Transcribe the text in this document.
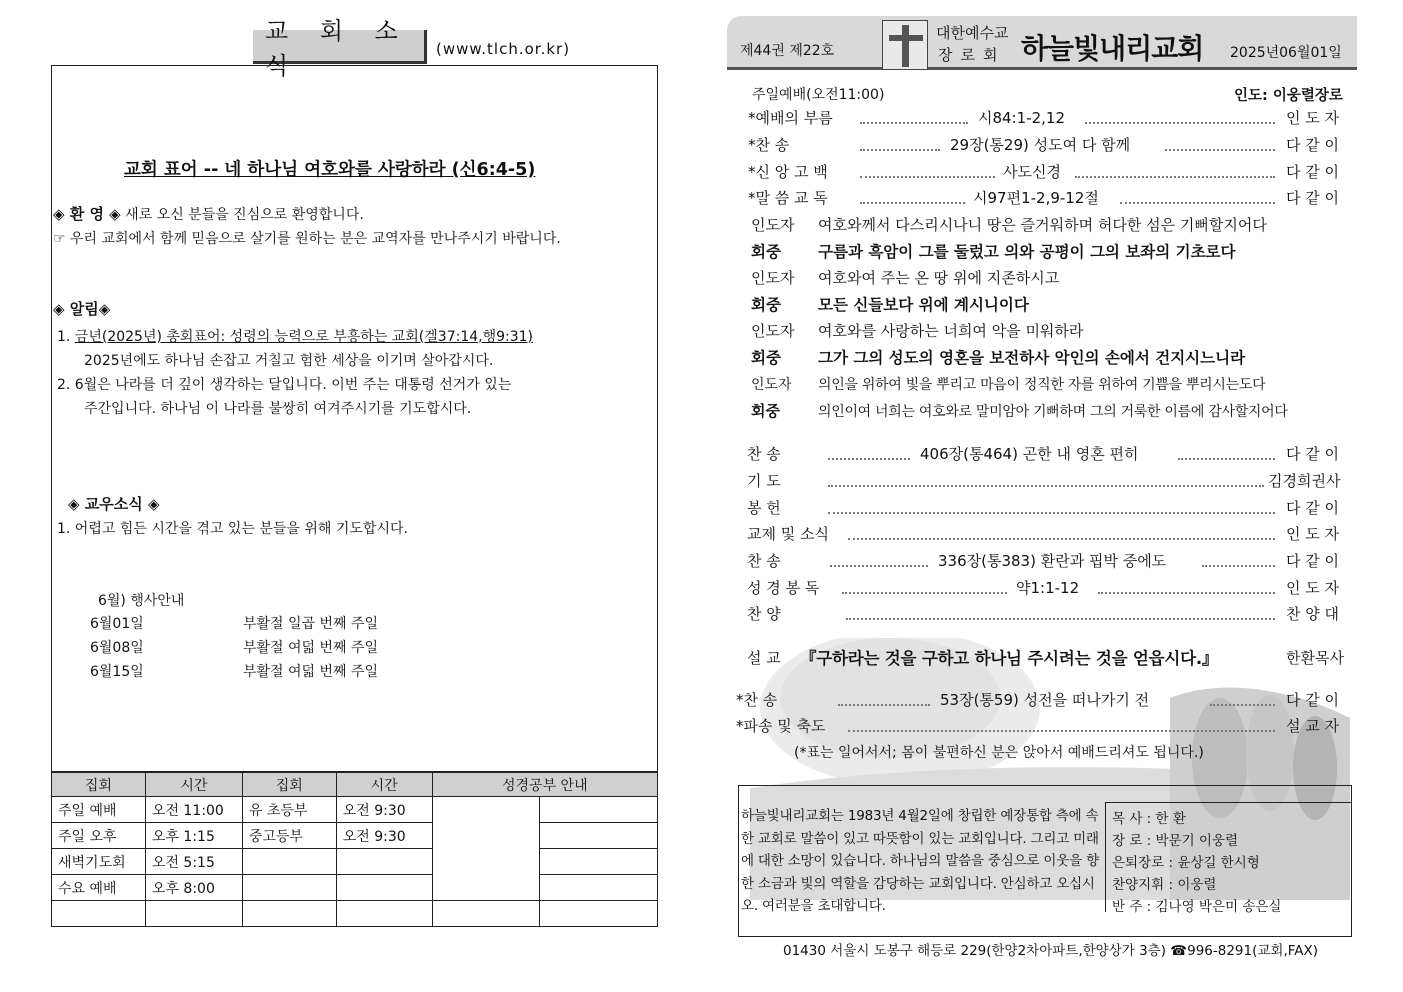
교 회 소 식
(www.tlch.or.kr)
교회 표어 -- 네 하나님 여호와를 사랑하라 (신6:4-5)
◈ 환 영 ◈ 새로 오신 분들을 진심으로 환영합니다.
☞ 우리 교회에서 함께 믿음으로 살기를 원하는 분은 교역자를 만나주시기 바랍니다.
◈ 알림◈
1. 금년(2025년) 총회표어: 성령의 능력으로 부흥하는 교회(겔37:14,행9:31)
2025년에도 하나님 손잡고 거칠고 험한 세상을 이기며 살아갑시다.
2. 6월은 나라를 더 깊이 생각하는 달입니다. 이번 주는 대통령 선거가 있는
주간입니다. 하나님 이 나라를 불쌍히 여겨주시기를 기도합시다.
◈ 교우소식 ◈
1. 어렵고 힘든 시간을 겪고 있는 분들을 위해 기도합시다.
6월) 행사안내
6월01일	부활절 일곱 번째 주일
6월08일	부활절 여덟 번째 주일
6월15일	부활절 여덟 번째 주일
집회	시간	집회	시간	성경공부 안내	
주일 예배	오전 11:00	유 초등부	오전 9:30		
주일 오후	오후 1:15	중고등부	오전 9:30		
새벽기도회	오전 5:15				
수요 예배	오후 8:00				

제44권 제22호
대한예수교
장로회 하늘빛내리교회 2025년06월01일
주일예배(오전11:00)	인도: 이웅렬장로
*예배의 부름	시84:1-2,12	인 도 자
*찬 송	29장(통29) 성도여 다 함께	다 같 이
*신 앙 고 백	사도신경	다 같 이
*말 씀 교 독	시97편1-2,9-12절	다 같 이
인도자 여호와께서 다스리시나니 땅은 즐거워하며 허다한 섬은 기뻐할지어다
회중 구름과 흑암이 그를 둘렀고 의와 공평이 그의 보좌의 기초로다
인도자 여호와여 주는 온 땅 위에 지존하시고
회중 모든 신들보다 위에 계시니이다
인도자 여호와를 사랑하는 너희여 악을 미워하라
회중 그가 그의 성도의 영혼을 보전하사 악인의 손에서 건지시느니라
인도자 의인을 위하여 빛을 뿌리고 마음이 정직한 자를 위하여 기쁨을 뿌리시는도다
회중	의인이여 너희는 여호와로 말미암아 기뻐하며 그의 거룩한 이름에 감사할지어다
찬 송	406장(통464) 곤한 내 영혼 편히	다 같 이
기 도	김경희권사
봉 헌	다 같 이
교제 및 소식	인 도 자
찬 송	336장(통383) 환란과 핍박 중에도	다 같 이
성 경 봉 독	약1:1-12	인 도 자
찬 양	찬 양 대
설 교 『구하라는 것을 구하고 하나님 주시려는 것을 얻읍시다.』	한환목사
*찬 송	53장(통59) 성전을 떠나가기 전	다 같 이
*파송 및 축도	설 교 자
(*표는 일어서서; 몸이 불편하신 분은 앉아서 예배드리셔도 됩니다.)
하늘빛내리교회는 1983년 4월2일에 창립한 예장통합 측에 속한 교회로 말씀이 있고 따뜻함이 있는 교회입니다. 그리고 미래에 대한 소망이 있습니다. 하나님의 말씀을 중심으로 이웃을 향한 소금과 빛의 역할을 감당하는 교회입니다. 안심하고 오십시오. 여러분을 초대합니다.
목 사 : 한 환
장 로 : 박문기 이웅렬
은퇴장로 : 윤상길 한시형
찬양지휘 : 이웅렬
반 주 : 김나영 박은미 송은실
01430 서울시 도봉구 해등로 229(한양2차아파트,한양상가 3층) ☎996-8291(교회,FAX)
